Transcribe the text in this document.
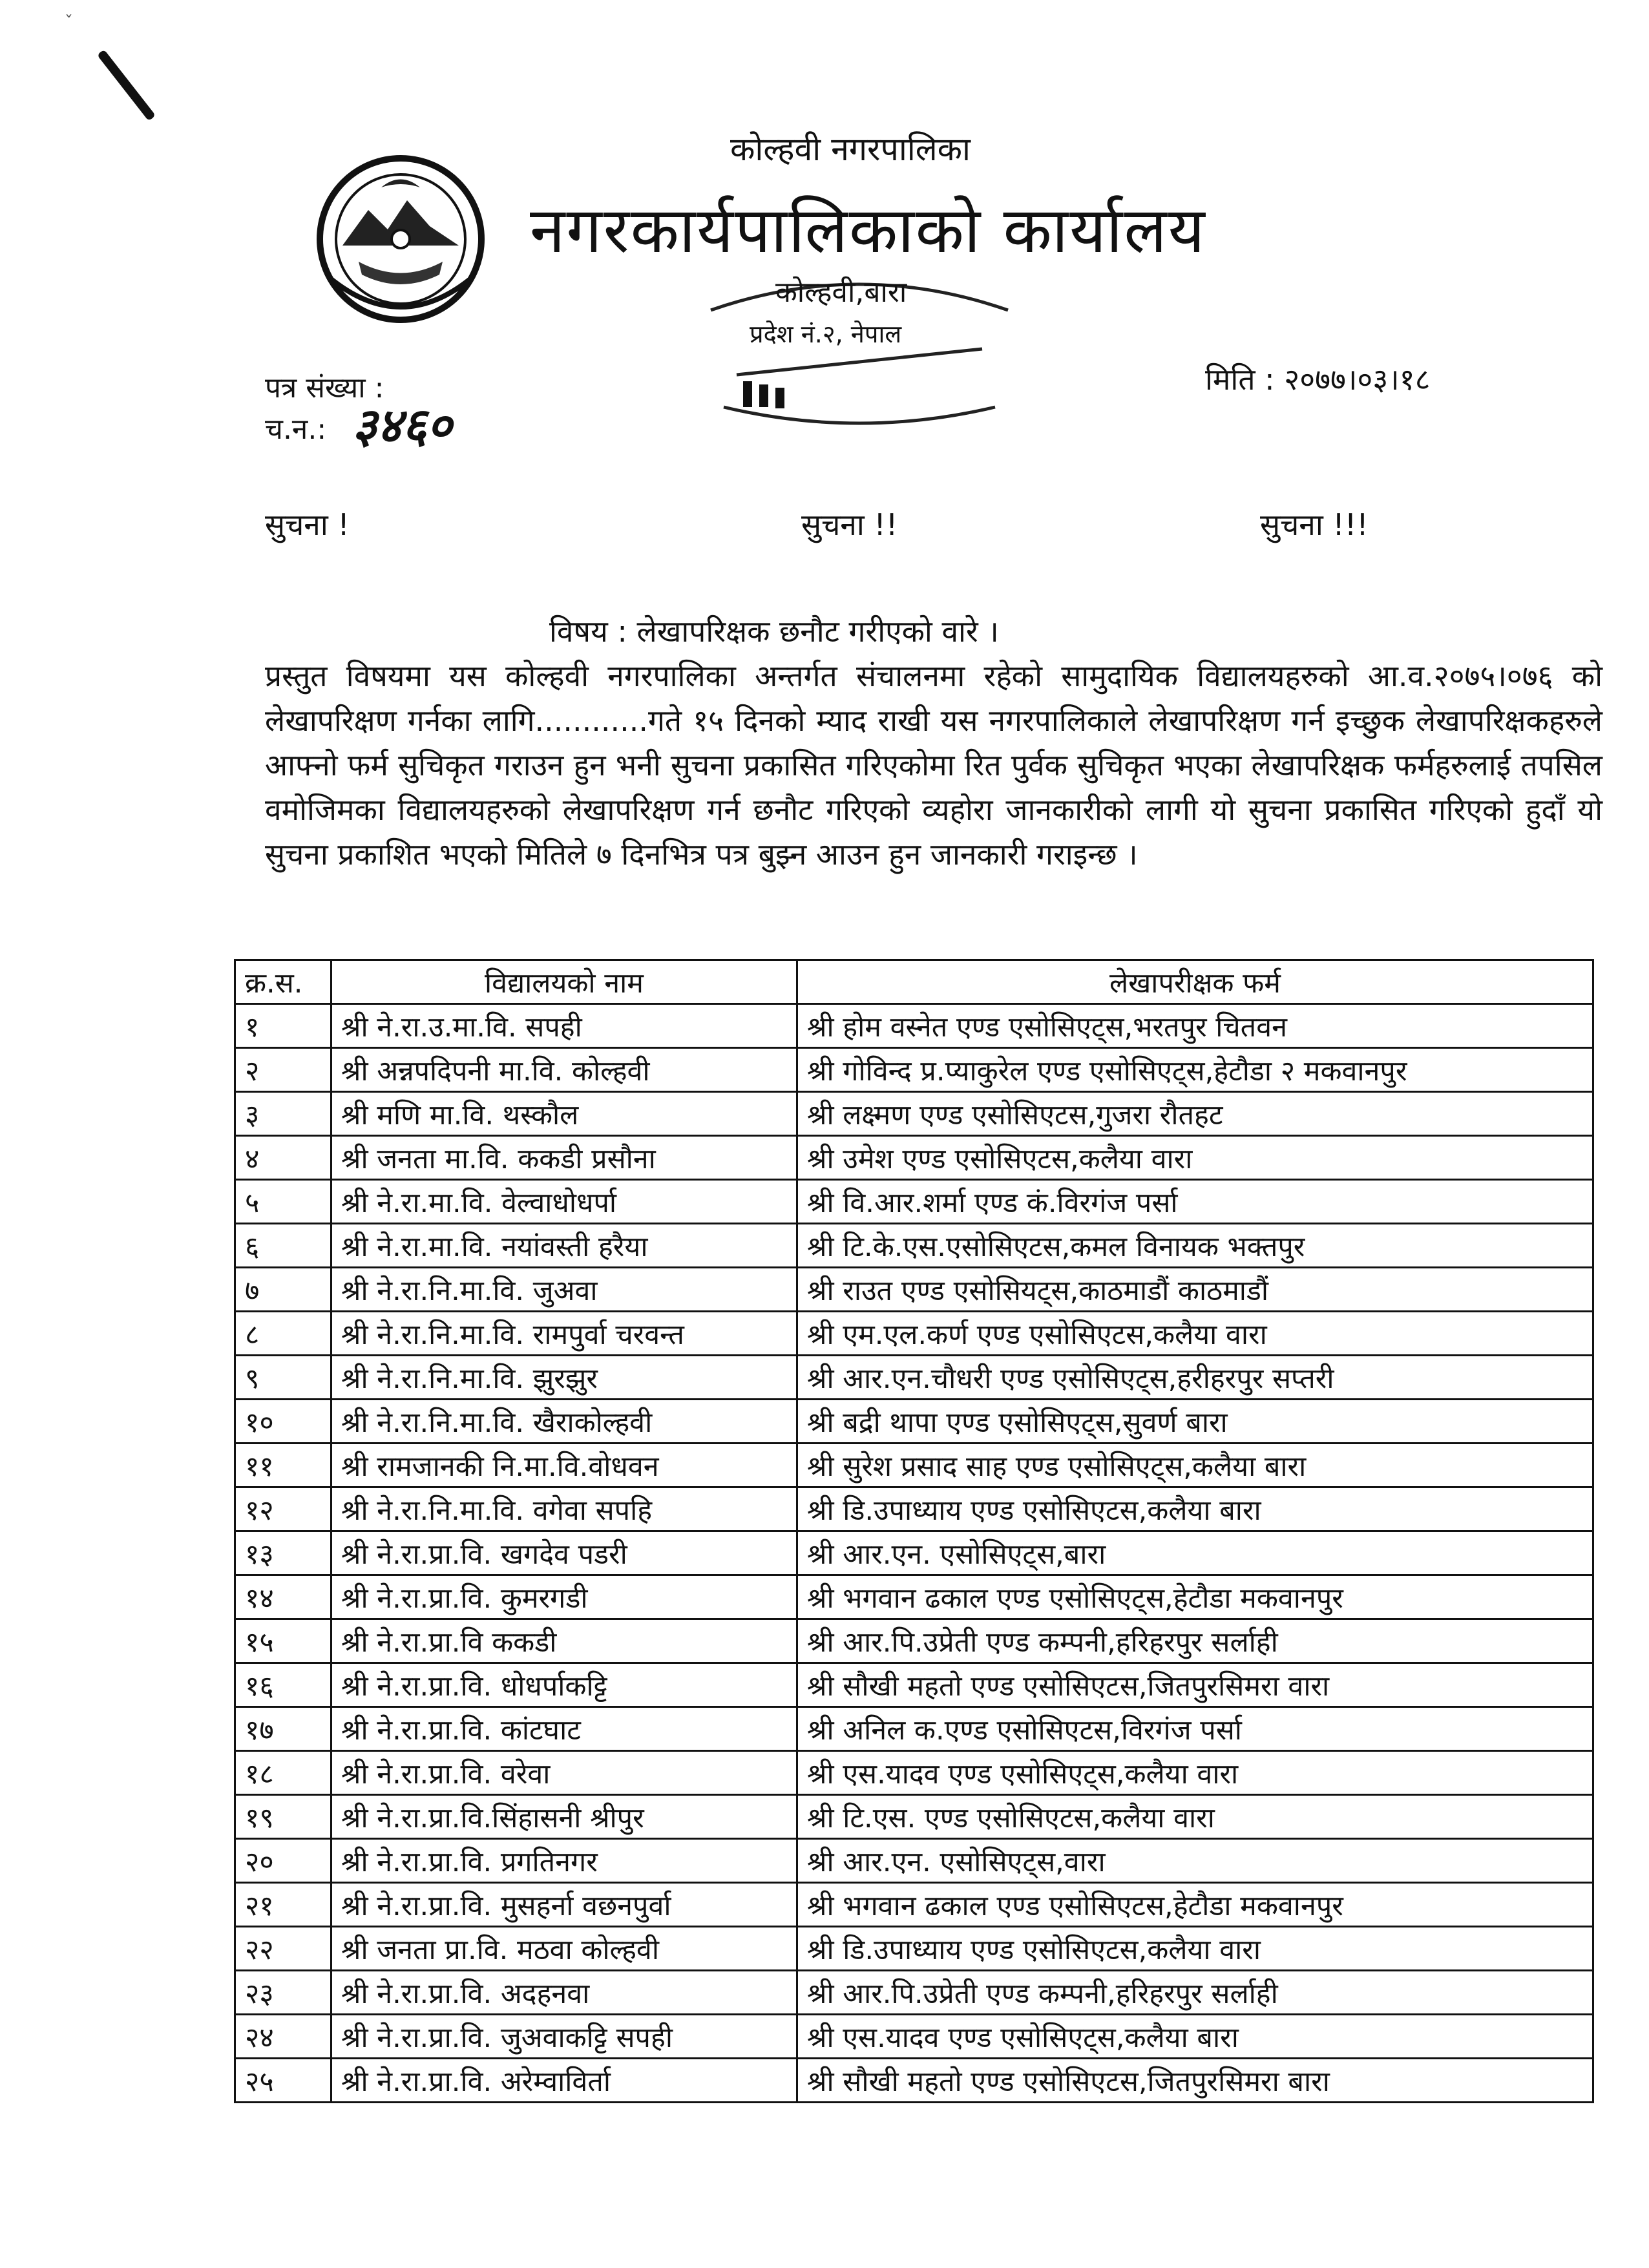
ˇ
कोल्हवी नगरपालिका
नगरकार्यपालिकाको कार्यालय
कोल्हवी,बारा
प्रदेश नं.२, नेपाल
पत्र संख्या :
च.न.: ३४६०
मिति : २०७७।०३।१८
सुचना !	सुचना !!	सुचना !!!
विषय : लेखापरिक्षक छनौट गरीएको वारे ।
प्रस्तुत विषयमा यस कोल्हवी नगरपालिका अन्तर्गत संचालनमा रहेको सामुदायिक विद्यालयहरुको आ.व.२०७५।०७६ को लेखापरिक्षण गर्नका लागि............गते १५ दिनको म्याद राखी यस नगरपालिकाले लेखापरिक्षण गर्न इच्छुक लेखापरिक्षकहरुले आफ्नो फर्म सुचिकृत गराउन हुन भनी सुचना प्रकासित गरिएकोमा रित पुर्वक सुचिकृत भएका लेखापरिक्षक फर्महरुलाई तपसिल वमोजिमका विद्यालयहरुको लेखापरिक्षण गर्न छनौट गरिएको व्यहोरा जानकारीको लागी यो सुचना प्रकासित गरिएको हुदाँ यो सुचना प्रकाशित भएको मितिले ७ दिनभित्र पत्र बुझ्न आउन हुन जानकारी गराइन्छ ।
क्र.स.	विद्यालयको नाम	लेखापरीक्षक फर्म
१	श्री ने.रा.उ.मा.वि. सपही	श्री होम वस्नेत एण्ड एसोसिएट्स,भरतपुर चितवन
२	श्री अन्नपदिपनी मा.वि. कोल्हवी	श्री गोविन्द प्र.प्याकुरेल एण्ड एसोसिएट्स,हेटौडा २ मकवानपुर
३	श्री मणि मा.वि. थस्कौल	श्री लक्ष्मण एण्ड एसोसिएटस,गुजरा रौतहट
४	श्री जनता मा.वि. ककडी प्रसौना	श्री उमेश एण्ड एसोसिएटस,कलैया वारा
५	श्री ने.रा.मा.वि. वेल्वाधोधर्पा	श्री वि.आर.शर्मा एण्ड कं.विरगंज पर्सा
६	श्री ने.रा.मा.वि. नयांवस्ती हरैया	श्री टि.के.एस.एसोसिएटस,कमल विनायक भक्तपुर
७	श्री ने.रा.नि.मा.वि. जुअवा	श्री राउत एण्ड एसोसियट्स,काठमाडौं काठमाडौं
८	श्री ने.रा.नि.मा.वि. रामपुर्वा चरवन्त	श्री एम.एल.कर्ण एण्ड एसोसिएटस,कलैया वारा
९	श्री ने.रा.नि.मा.वि. झुरझुर	श्री आर.एन.चौधरी एण्ड एसोसिएट्स,हरीहरपुर सप्तरी
१०	श्री ने.रा.नि.मा.वि. खैराकोल्हवी	श्री बद्री थापा एण्ड एसोसिएट्स,सुवर्ण बारा
११	श्री रामजानकी नि.मा.वि.वोधवन	श्री सुरेश प्रसाद साह एण्ड एसोसिएट्स,कलैया बारा
१२	श्री ने.रा.नि.मा.वि. वगेवा सपहि	श्री डि.उपाध्याय एण्ड एसोसिएटस,कलैया बारा
१३	श्री ने.रा.प्रा.वि. खगदेव पडरी	श्री आर.एन. एसोसिएट्स,बारा
१४	श्री ने.रा.प्रा.वि. कुमरगडी	श्री भगवान ढकाल एण्ड एसोसिएट्स,हेटौडा मकवानपुर
१५	श्री ने.रा.प्रा.वि ककडी	श्री आर.पि.उप्रेती एण्ड कम्पनी,हरिहरपुर सर्लाही
१६	श्री ने.रा.प्रा.वि. धोधर्पाकट्टि	श्री सौखी महतो एण्ड एसोसिएटस,जितपुरसिमरा वारा
१७	श्री ने.रा.प्रा.वि. कांटघाट	श्री अनिल क.एण्ड एसोसिएटस,विरगंज पर्सा
१८	श्री ने.रा.प्रा.वि. वरेवा	श्री एस.यादव एण्ड एसोसिएट्स,कलैया वारा
१९	श्री ने.रा.प्रा.वि.सिंहासनी श्रीपुर	श्री टि.एस. एण्ड एसोसिएटस,कलैया वारा
२०	श्री ने.रा.प्रा.वि. प्रगतिनगर	श्री आर.एन. एसोसिएट्स,वारा
२१	श्री ने.रा.प्रा.वि. मुसहर्ना वछनपुर्वा	श्री भगवान ढकाल एण्ड एसोसिएटस,हेटौडा मकवानपुर
२२	श्री जनता प्रा.वि. मठवा कोल्हवी	श्री डि.उपाध्याय एण्ड एसोसिएटस,कलैया वारा
२३	श्री ने.रा.प्रा.वि. अदहनवा	श्री आर.पि.उप्रेती एण्ड कम्पनी,हरिहरपुर सर्लाही
२४	श्री ने.रा.प्रा.वि. जुअवाकट्टि सपही	श्री एस.यादव एण्ड एसोसिएट्स,कलैया बारा
२५	श्री ने.रा.प्रा.वि. अरेम्वाविर्ता	श्री सौखी महतो एण्ड एसोसिएटस,जितपुरसिमरा बारा
